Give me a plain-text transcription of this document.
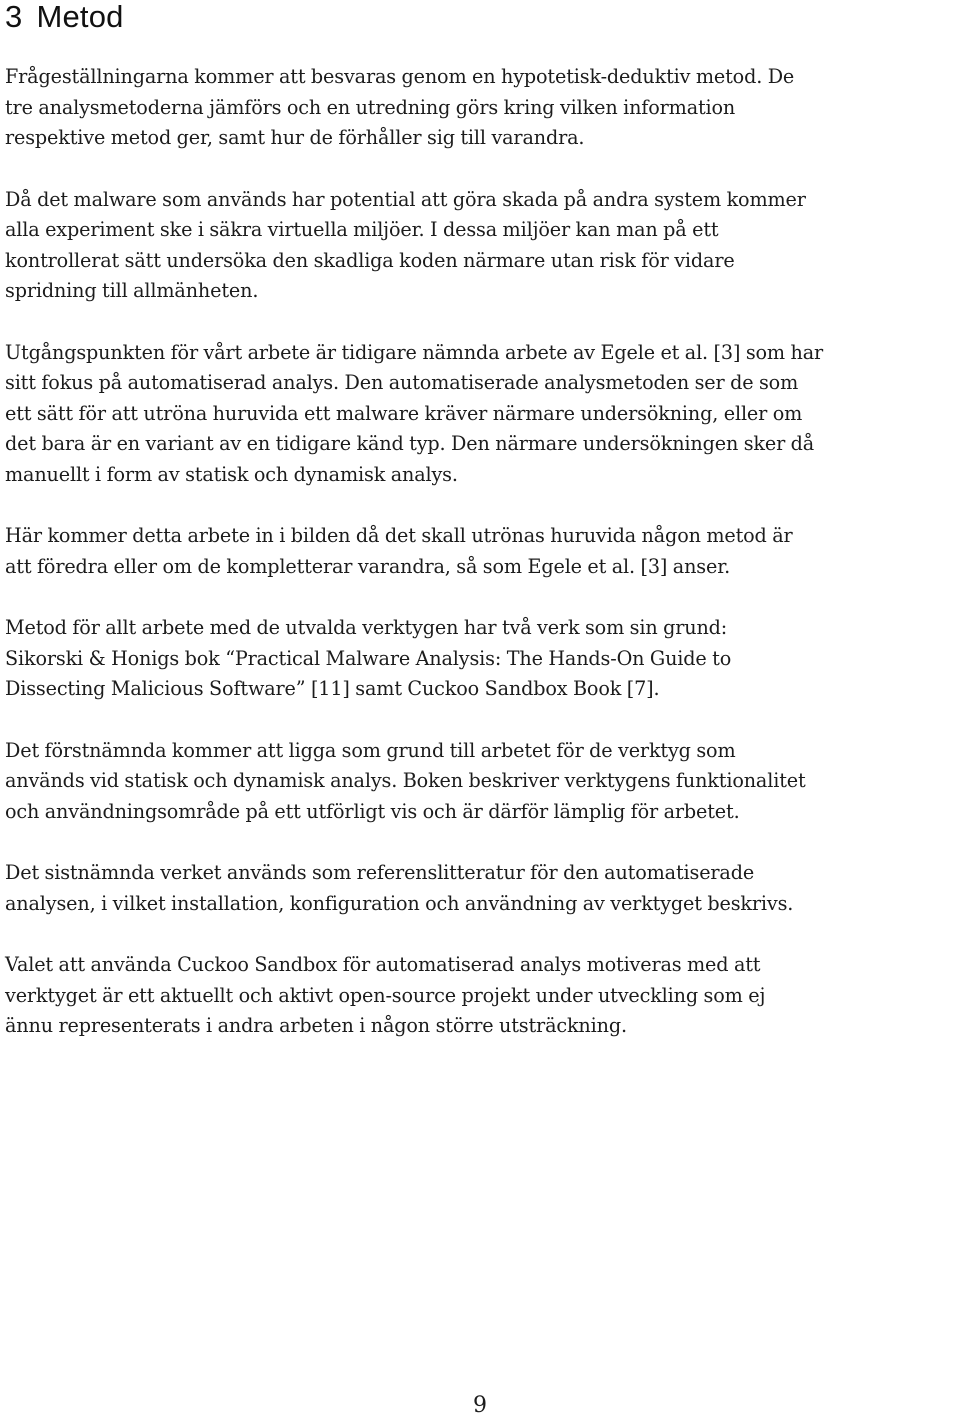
3 Metod

Frågeställningarna kommer att besvaras genom en hypotetisk-deduktiv metod. De
tre analysmetoderna jämförs och en utredning görs kring vilken information
respektive metod ger, samt hur de förhåller sig till varandra.

Då det malware som används har potential att göra skada på andra system kommer
alla experiment ske i säkra virtuella miljöer. I dessa miljöer kan man på ett
kontrollerat sätt undersöka den skadliga koden närmare utan risk för vidare
spridning till allmänheten.

Utgångspunkten för vårt arbete är tidigare nämnda arbete av Egele et al. [3] som har
sitt fokus på automatiserad analys. Den automatiserade analysmetoden ser de som
ett sätt för att utröna huruvida ett malware kräver närmare undersökning, eller om
det bara är en variant av en tidigare känd typ. Den närmare undersökningen sker då
manuellt i form av statisk och dynamisk analys.

Här kommer detta arbete in i bilden då det skall utrönas huruvida någon metod är
att föredra eller om de kompletterar varandra, så som Egele et al. [3] anser.

Metod för allt arbete med de utvalda verktygen har två verk som sin grund:
Sikorski & Honigs bok “Practical Malware Analysis: The Hands-On Guide to
Dissecting Malicious Software” [11] samt Cuckoo Sandbox Book [7].

Det förstnämnda kommer att ligga som grund till arbetet för de verktyg som
används vid statisk och dynamisk analys. Boken beskriver verktygens funktionalitet
och användningsområde på ett utförligt vis och är därför lämplig för arbetet.

Det sistnämnda verket används som referenslitteratur för den automatiserade
analysen, i vilket installation, konfiguration och användning av verktyget beskrivs.

Valet att använda Cuckoo Sandbox för automatiserad analys motiveras med att
verktyget är ett aktuellt och aktivt open-source projekt under utveckling som ej
ännu representerats i andra arbeten i någon större utsträckning.

9
